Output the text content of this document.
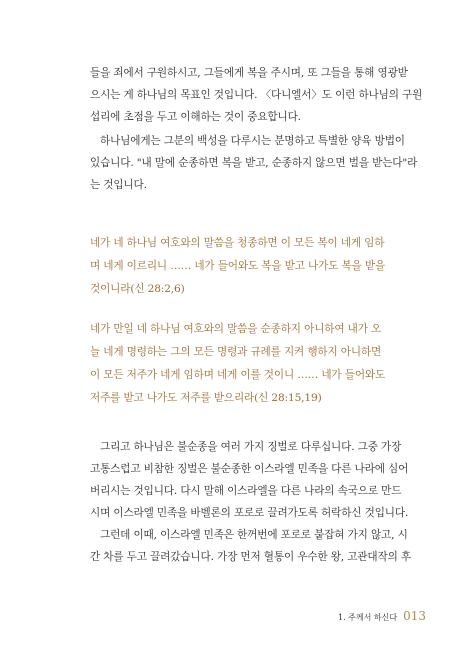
들을 죄에서 구원하시고, 그들에게 복을 주시며, 또 그들을 통해 영광받
으시는 게 하나님의 목표인 것입니다. 〈다니엘서〉도 이런 하나님의 구원
섭리에 초점을 두고 이해하는 것이 중요합니다.

하나님에게는 그분의 백성을 다루시는 분명하고 특별한 양육 방법이
있습니다. "내 말에 순종하면 복을 받고, 순종하지 않으면 벌을 받는다"라
는 것입니다.

네가 네 하나님 여호와의 말씀을 청종하면 이 모든 복이 네게 임하
며 네게 이르리니 …… 네가 들어와도 복을 받고 나가도 복을 받을
것이니라(신 28:2,6)

네가 만일 네 하나님 여호와의 말씀을 순종하지 아니하여 내가 오
늘 네게 명령하는 그의 모든 명령과 규례를 지켜 행하지 아니하면
이 모든 저주가 네게 임하며 네게 이를 것이니 …… 네가 들어와도
저주를 받고 나가도 저주를 받으리라(신 28:15,19)

그리고 하나님은 불순종을 여러 가지 징벌로 다루십니다. 그중 가장
고통스럽고 비참한 징벌은 불순종한 이스라엘 민족을 다른 나라에 심어
버리시는 것입니다. 다시 말해 이스라엘을 다른 나라의 속국으로 만드
시며 이스라엘 민족을 바벨론의 포로로 끌려가도록 허락하신 것입니다.

그런데 이때, 이스라엘 민족은 한꺼번에 포로로 붙잡혀 가지 않고, 시
간 차를 두고 끌려갔습니다. 가장 먼저 혈통이 우수한 왕, 고관대작의 후

1. 주께서 하신다 013
